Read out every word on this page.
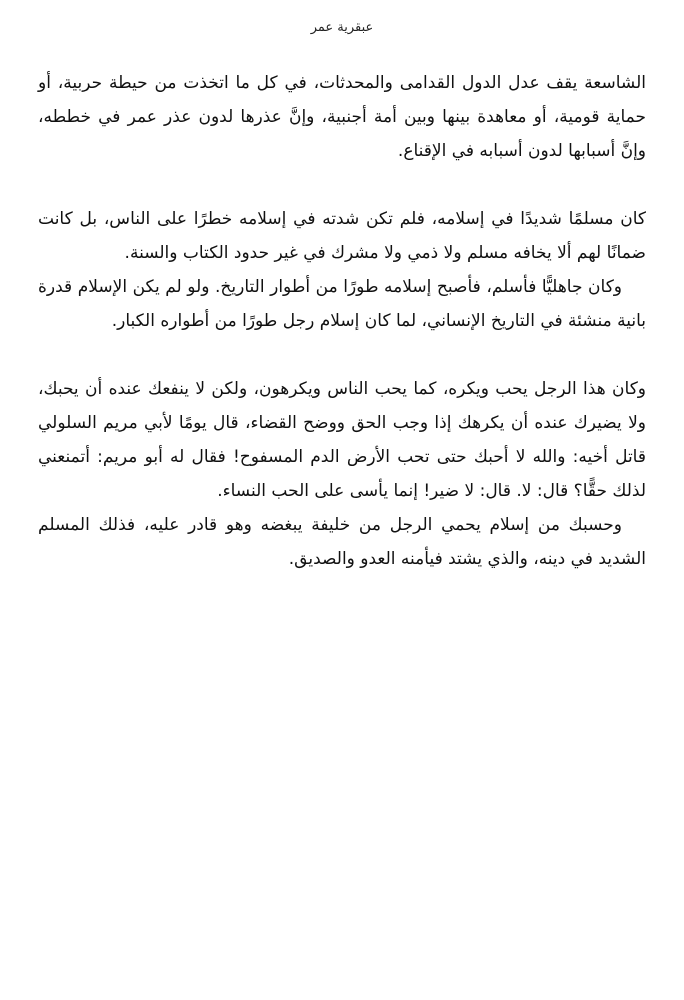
عبقرية عمر

الشاسعة يقف عدل الدول القدامى والمحدثات، في كل ما اتخذت من حيطة حربية، أو حماية قومية، أو معاهدة بينها وبين أمة أجنبية، وإنَّ عذرها لدون عذر عمر في خططه، وإنَّ أسبابها لدون أسبابه في الإقناع.

كان مسلمًا شديدًا في إسلامه، فلم تكن شدته في إسلامه خطرًا على الناس، بل كانت ضمانًا لهم ألا يخافه مسلم ولا ذمي ولا مشرك في غير حدود الكتاب والسنة.

وكان جاهليًّا فأسلم، فأصبح إسلامه طورًا من أطوار التاريخ. ولو لم يكن الإسلام قدرة بانية منشئة في التاريخ الإنساني، لما كان إسلام رجل طورًا من أطواره الكبار.

وكان هذا الرجل يحب ويكره، كما يحب الناس ويكرهون، ولكن لا ينفعك عنده أن يحبك، ولا يضيرك عنده أن يكرهك إذا وجب الحق ووضح القضاء، قال يومًا لأبي مريم السلولي قاتل أخيه: والله لا أحبك حتى تحب الأرض الدم المسفوح! فقال له أبو مريم: أتمنعني لذلك حقًّا؟ قال: لا. قال: لا ضير! إنما يأسى على الحب النساء.

وحسبك من إسلام يحمي الرجل من خليفة يبغضه وهو قادر عليه، فذلك المسلم الشديد في دينه، والذي يشتد فيأمنه العدو والصديق.
